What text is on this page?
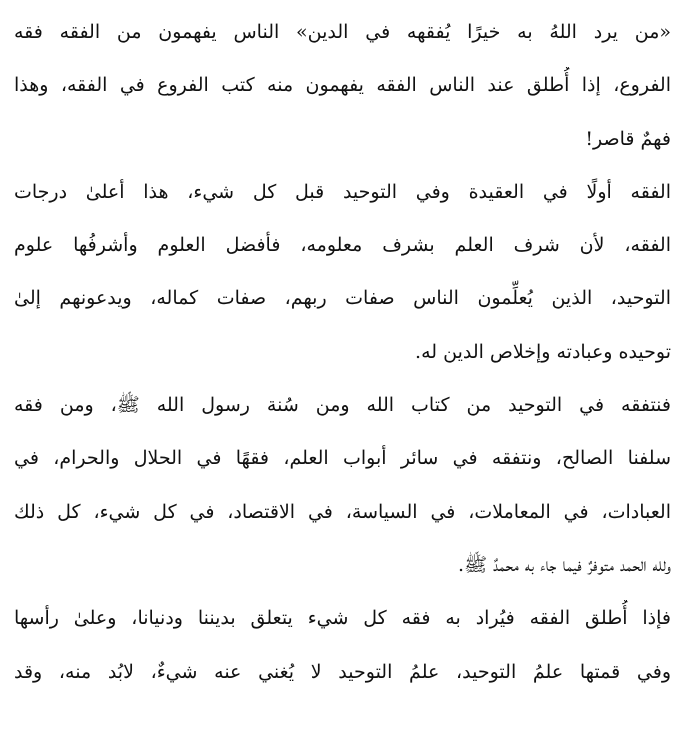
«من يرد اللهُ به خيرًا يُفقهه في الدين» الناس يفهمون من الفقه فقه
الفروع، إذا أُطلق عند الناس الفقه يفهمون منه كتب الفروع في الفقه، وهذا
فهمٌ قاصر!
الفقه أولًا في العقيدة وفي التوحيد قبل كل شيء، هذا أعلىٰ درجات
الفقه، لأن شرف العلم بشرف معلومه، فأفضل العلوم وأشرفُها علوم
التوحيد، الذين يُعلِّمون الناس صفات ربهم، صفات كماله، ويدعونهم إلىٰ
توحيده وعبادته وإخلاص الدين له.
فنتفقه في التوحيد من كتاب الله ومن سُنة رسول الله ﷺ، ومن فقه
سلفنا الصالح، ونتفقه في سائر أبواب العلم، فقهًا في الحلال والحرام، في
العبادات، في المعاملات، في السياسة، في الاقتصاد، في كل شيء، كل ذلك
ولله الحمد متوفرٌ فيما جاء به محمدٌ ﷺ.
فإذا أُطلق الفقه فيُراد به فقه كل شيء يتعلق بديننا ودنيانا، وعلىٰ رأسها
وفي قمتها علمُ التوحيد، علمُ التوحيد لا يُغني عنه شيءٌ، لابُد منه، وقد
